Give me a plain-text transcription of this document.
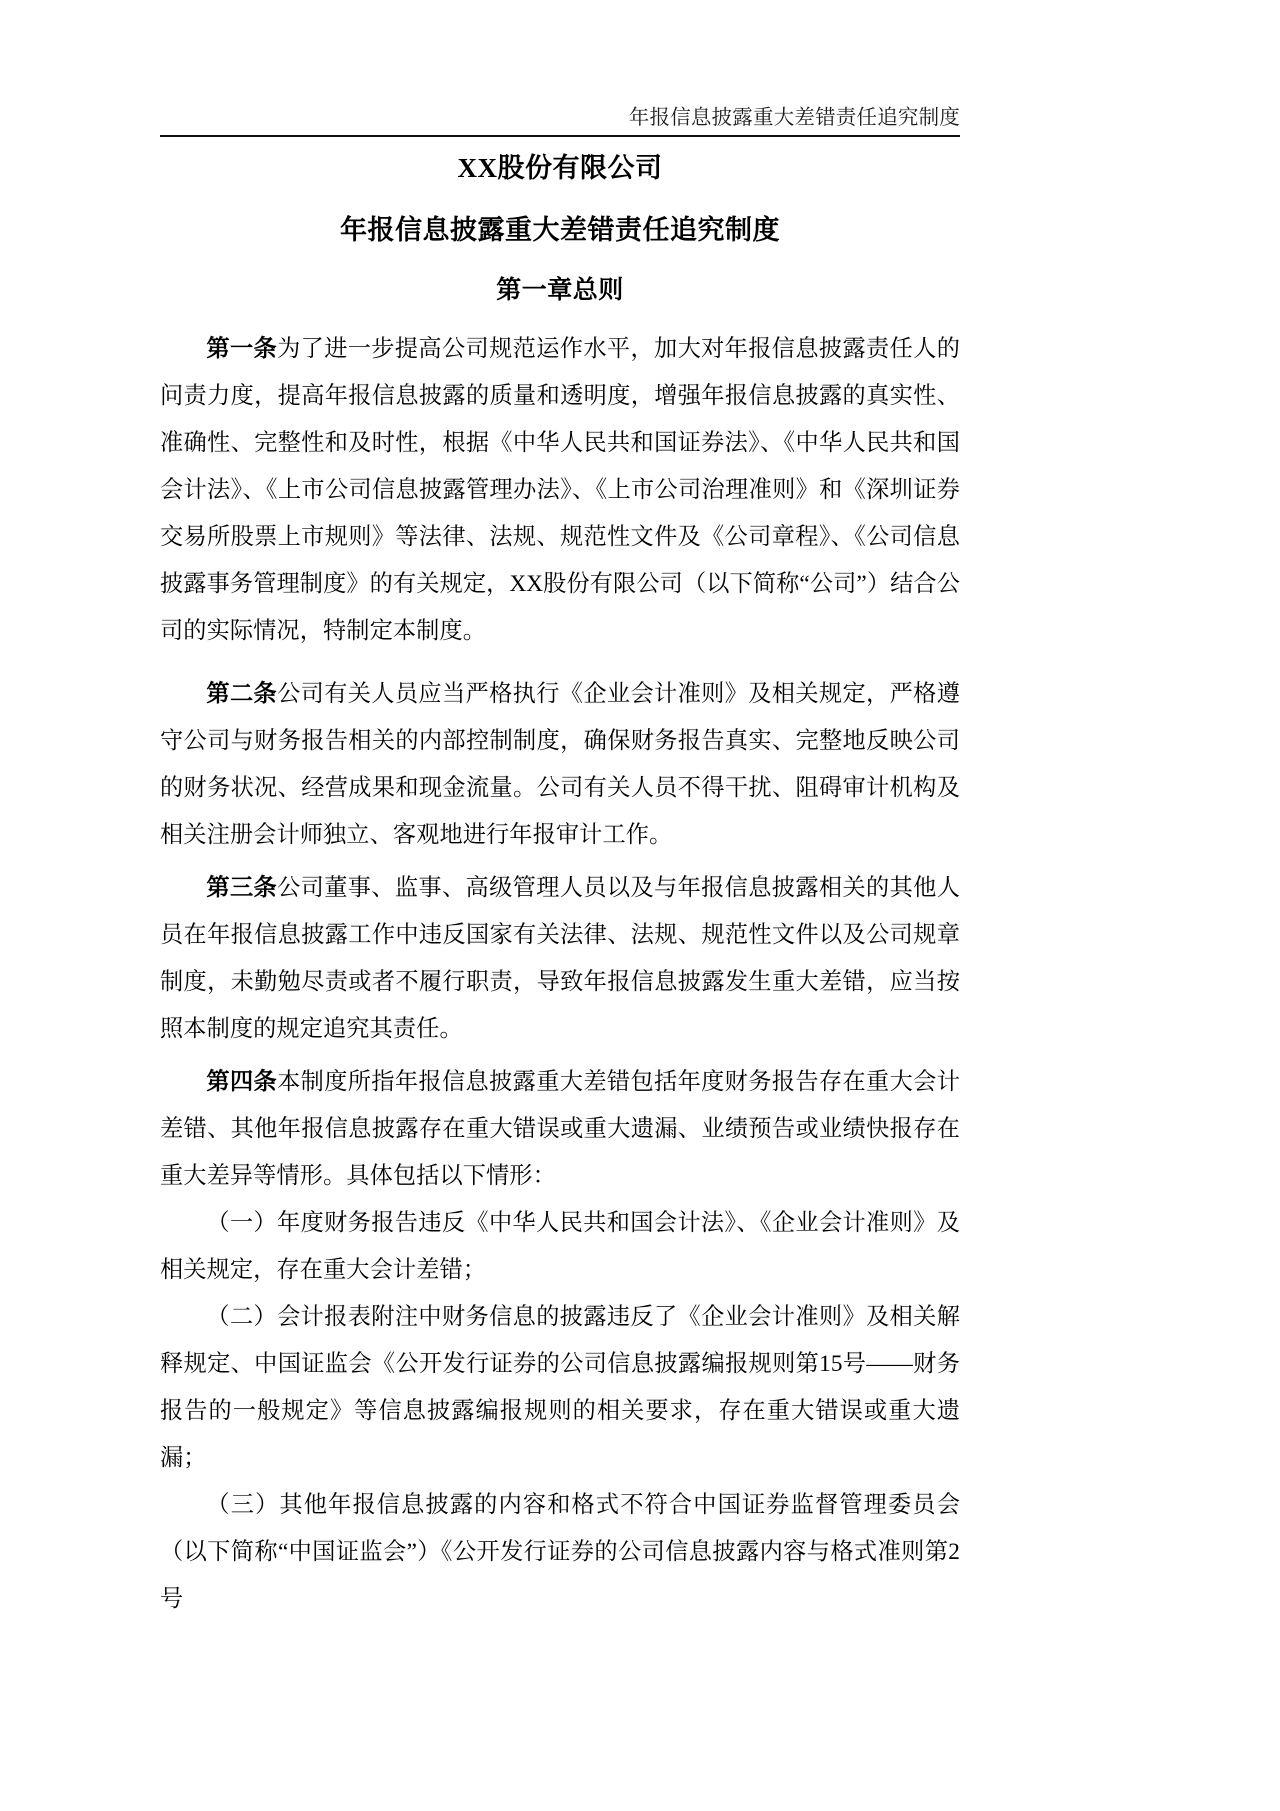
年报信息披露重大差错责任追究制度
XX股份有限公司
年报信息披露重大差错责任追究制度
第一章总则

第一条为了进一步提高公司规范运作水平，加大对年报信息披露责任人的问责力度，提高年报信息披露的质量和透明度，增强年报信息披露的真实性、准确性、完整性和及时性，根据《中华人民共和国证券法》、《中华人民共和国会计法》、《上市公司信息披露管理办法》、《上市公司治理准则》和《深圳证券交易所股票上市规则》等法律、法规、规范性文件及《公司章程》、《公司信息披露事务管理制度》的有关规定，XX股份有限公司（以下简称“公司”）结合公司的实际情况，特制定本制度。

第二条公司有关人员应当严格执行《企业会计准则》及相关规定，严格遵守公司与财务报告相关的内部控制制度，确保财务报告真实、完整地反映公司的财务状况、经营成果和现金流量。公司有关人员不得干扰、阻碍审计机构及相关注册会计师独立、客观地进行年报审计工作。

第三条公司董事、监事、高级管理人员以及与年报信息披露相关的其他人员在年报信息披露工作中违反国家有关法律、法规、规范性文件以及公司规章制度，未勤勉尽责或者不履行职责，导致年报信息披露发生重大差错，应当按照本制度的规定追究其责任。

第四条本制度所指年报信息披露重大差错包括年度财务报告存在重大会计差错、其他年报信息披露存在重大错误或重大遗漏、业绩预告或业绩快报存在重大差异等情形。具体包括以下情形：

（一）年度财务报告违反《中华人民共和国会计法》、《企业会计准则》及相关规定，存在重大会计差错；

（二）会计报表附注中财务信息的披露违反了《企业会计准则》及相关解释规定、中国证监会《公开发行证券的公司信息披露编报规则第15号——财务报告的一般规定》等信息披露编报规则的相关要求，存在重大错误或重大遗漏；

（三）其他年报信息披露的内容和格式不符合中国证券监督管理委员会（以下简称“中国证监会”）《公开发行证券的公司信息披露内容与格式准则第2号
